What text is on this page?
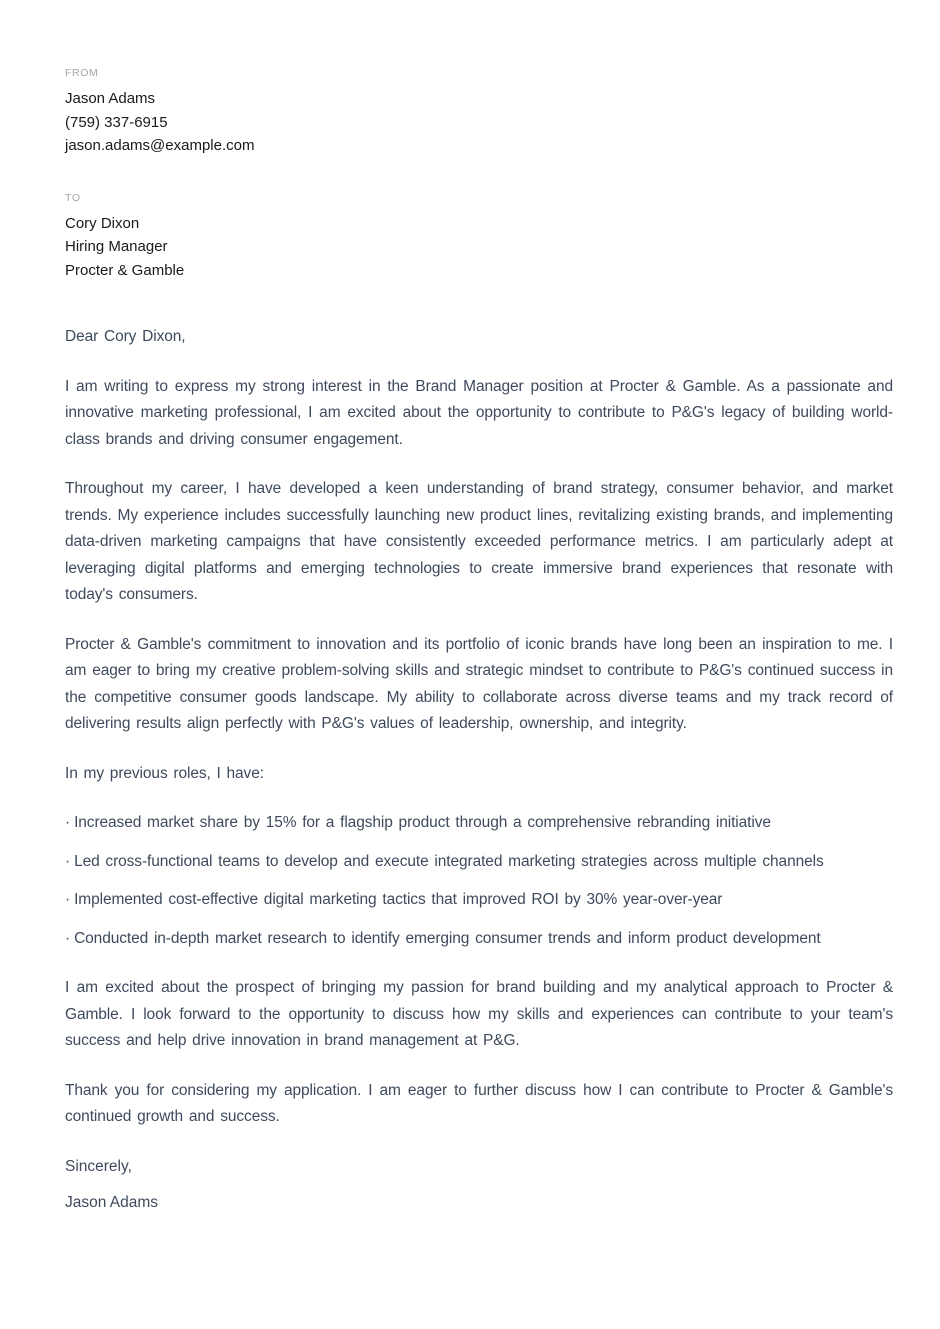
FROM
Jason Adams
(759) 337-6915
jason.adams@example.com
TO
Cory Dixon
Hiring Manager
Procter & Gamble

Dear Cory Dixon,

I am writing to express my strong interest in the Brand Manager position at Procter & Gamble. As a passionate and innovative marketing professional, I am excited about the opportunity to contribute to P&G's legacy of building world-class brands and driving consumer engagement.

Throughout my career, I have developed a keen understanding of brand strategy, consumer behavior, and market trends. My experience includes successfully launching new product lines, revitalizing existing brands, and implementing data-driven marketing campaigns that have consistently exceeded performance metrics. I am particularly adept at leveraging digital platforms and emerging technologies to create immersive brand experiences that resonate with today's consumers.

Procter & Gamble's commitment to innovation and its portfolio of iconic brands have long been an inspiration to me. I am eager to bring my creative problem-solving skills and strategic mindset to contribute to P&G's continued success in the competitive consumer goods landscape. My ability to collaborate across diverse teams and my track record of delivering results align perfectly with P&G's values of leadership, ownership, and integrity.

In my previous roles, I have:

· Increased market share by 15% for a flagship product through a comprehensive rebranding initiative

· Led cross-functional teams to develop and execute integrated marketing strategies across multiple channels

· Implemented cost-effective digital marketing tactics that improved ROI by 30% year-over-year

· Conducted in-depth market research to identify emerging consumer trends and inform product development

I am excited about the prospect of bringing my passion for brand building and my analytical approach to Procter & Gamble. I look forward to the opportunity to discuss how my skills and experiences can contribute to your team's success and help drive innovation in brand management at P&G.

Thank you for considering my application. I am eager to further discuss how I can contribute to Procter & Gamble's continued growth and success.

Sincerely,

Jason Adams
